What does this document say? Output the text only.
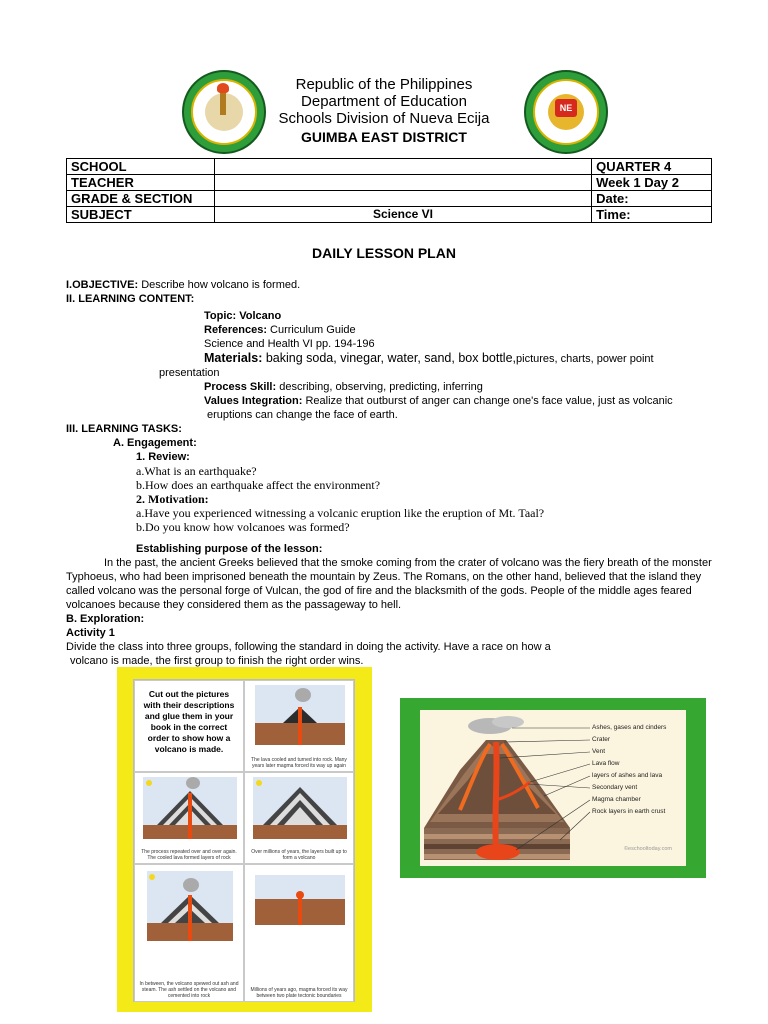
NE
Republic of the Philippines
Department of Education
Schools Division of Nueva Ecija
GUIMBA EAST DISTRICT
SCHOOL		QUARTER 4
TEACHER		Week 1 Day 2
GRADE & SECTION		Date:
SUBJECT	Science VI	Time:
DAILY LESSON PLAN
I.OBJECTIVE: Describe how volcano is formed.
II. LEARNING CONTENT:
Topic: Volcano
References: Curriculum Guide
Science and Health VI pp. 194-196
Materials: baking soda, vinegar, water, sand, box bottle,pictures, charts, power point
presentation
Process Skill: describing, observing, predicting, inferring
Values Integration: Realize that outburst of anger can change one's face value, just as volcanic
eruptions can change the face of earth.
III. LEARNING TASKS:
A. Engagement:
1. Review:
a.What is an earthquake?
b.How does an earthquake affect the environment?
2. Motivation:
a.Have you experienced witnessing a volcanic eruption like the eruption of Mt. Taal?
b.Do you know how volcanoes was formed?
Establishing purpose of the lesson:
In the past, the ancient Greeks believed that the smoke coming from the crater of volcano was the fiery breath of the monster Typhoeus, who had been imprisoned beneath the mountain by Zeus. The Romans, on the other hand, believed that the island they called volcano was the personal forge of Vulcan, the god of fire and the blacksmith of the gods. People of the middle ages feared volcanoes because they considered them as the passageway to hell.
B. Exploration:
Activity 1
Divide the class into three groups, following the standard in doing the activity. Have a race on how a
volcano is made, the first group to finish the right order wins.
Cut out the pictures with their descriptions and glue them in your book in the correct order to show how a volcano is made.
The lava cooled and turned into rock. Many years later magma forced its way up again
The process repeated over and over again. The cooled lava formed layers of rock
Over millions of years, the layers built up to form a volcano
In between, the volcano spewed out ash and steam. The ash settled on the volcano and cemented into rock
Millions of years ago, magma forced its way between two plate tectonic boundaries
Ashes, gases and cinders
Crater
Vent
Lava flow
layers of ashes and lava
Secondary vent
Magma chamber
Rock layers in earth crust
©eschooltoday.com
